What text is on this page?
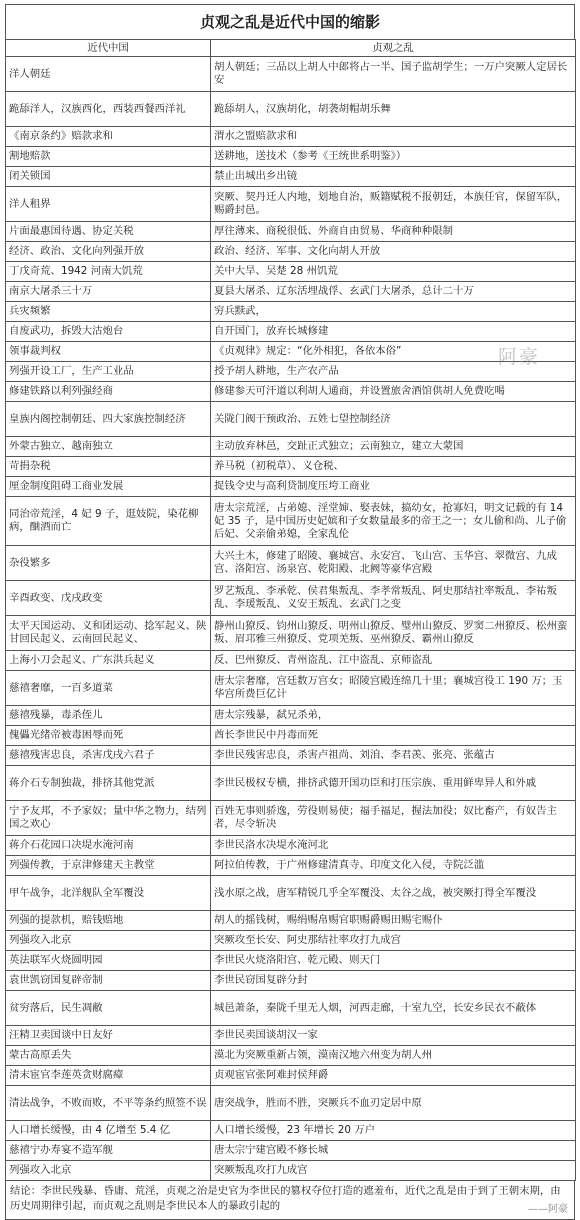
贞观之乱是近代中国的缩影
近代中国	贞观之乱
洋人朝廷	胡人朝廷；三品以上胡人中郎将占一半、国子监胡学生；一万户突厥人定居长安
跪舔洋人，汉族西化，西装西餐西洋礼	跪舔胡人，汉族胡化，胡袭胡帽胡乐舞
《南京条约》赔款求和	渭水之盟赔款求和
割地赔款	送耕地，送技术（参考《王统世系明鉴》）
闭关锁国	禁止出城出乡出镜
洋人租界	突厥、契丹迁人内地，划地自治，贩籍赋税不报朝廷，本族任官，保留军队，赐爵封邑。
片面最惠国待遇、协定关税	厚往薄来、商税很低、外商自由贸易、华商种种限制
经济、政治、文化向列强开放	政治、经济、军事、文化向胡人开放
丁戊奇荒、1942 河南大饥荒	关中大旱、吴楚 28 州饥荒
南京大屠杀三十万	夏县大屠杀、辽东活埋战俘、玄武门大屠杀，总计二十万
兵灾频繁	穷兵黩武，
自废武功，拆毁大沽炮台	自开国门，放弃长城修建
领事裁判权	《贞观律》规定：“化外相犯，各依本俗”
列强开设工厂，生产工业品	授予胡人耕地，生产农产品
修建铁路以利列强经商	修建参天可汗道以利胡人通商，并设置旅舍酒馆供胡人免费吃喝
皇族内阁控制朝廷、四大家族控制经济	关陇门阀干预政治、五姓七望控制经济
外蒙古独立、越南独立	主动放弃林邑，交趾正式独立；云南独立，建立大蒙国
苛捐杂税	养马税（初税草）、义仓税、
厘金制度阻碍工商业发展	捉钱令史与高利贷制度压垮工商业
同治帝荒淫，4 妃 9 子，逛妓院，染花柳病，酗酒而亡	唐太宗荒淫，占弟媳、淫堂婶、娶表妹，搞幼女，抢寡妇，明文记载的有 14 妃 35 子，是中国历史妃嫔和子女数量最多的帝王之一；女儿偷和尚、儿子偷后妃、父亲偷弟媳，全家乱伦
杂役繁多	大兴土木，修建了昭陵、襄城宫、永安宫、飞山宫、玉华宫、翠微宫、九成宫、洛阳宫、汤泉宫、乾阳殿、北阙等豪华宫殿
辛酉政变、戊戌政变	罗艺叛乱、李承乾、侯君集叛乱、李孝常叛乱、阿史那结社率叛乱、李祐叛乱、李瑗叛乱、义安王叛乱、玄武门之变
太平天国运动、义和团运动、捻军起义、陕甘回民起义、云南回民起义、	静州山獠反、钧州山獠反、明州山獠反、璧州山獠反、罗窦二州獠反、松州蛮叛、眉邛雅三州獠反、党项羌叛、巫州獠反、霸州山獠反
上海小刀会起义、广东洪兵起义	反、巴州獠反、青州盗乱、江中盗乱、京师盗乱
慈禧奢靡，一百多道菜	唐太宗奢靡，宫廷数万宫女；昭陵宫殿连绵几十里；襄城宫役工 190 万；玉华宫所费巨亿计
慈禧残暴，毒杀侄儿	唐太宗残暴，弑兄杀弟，
傀儡光绪帝被毒困辱而死	酋长李世民中丹毒而死
慈禧残害忠良，杀害戊戌六君子	李世民残害忠良，杀害卢祖尚、刘洎、李君羡、张亮、张蕴古
蒋介石专制独裁，排挤其他党派	李世民极权专横，排挤武德开国功臣和打压宗族、重用鲜卑异人和外戚
宁予友邦，不予家奴；量中华之物力，结列国之欢心	百姓无事则骄逸，劳役则易使；福手福足，握法加役；奴比畜产，有奴告主者，尽令斩决
蒋介石花园口决堤水淹河南	李世民洛水决堤水淹河北
列强传教，于京津修建天主教堂	阿拉伯传教，于广州修建清真寺、印度文化入侵，寺院泛滥
甲午战争，北洋舰队全军覆没	浅水原之战，唐军精锐几乎全军覆没、太谷之战，被突厥打得全军覆没
列强的提款机，赔钱赔地	胡人的摇钱树，赐绢赐帛赐官职赐爵赐田赐宅赐仆
列强攻入北京	突厥攻至长安、阿史那结社率攻打九成宫
英法联军火烧圆明园	李世民火烧洛阳宫、乾元殿、则天门
袁世凯窃国复辟帝制	李世民窃国复辟分封
贫穷落后，民生凋敝	城邑萧条，秦陇千里无人烟，河西走廊，十室九空，长安乡民衣不蔽体
汪精卫卖国谈中日友好	李世民卖国谈胡汉一家
蒙古高原丢失	漠北为突厥重新占领，漠南汉地六州变为胡人州
清末宦官李莲英贪财腐瘴	贞观宦官张阿难封侯拜爵
清法战争，不败而败，不平等条约照签不误	唐突战争，胜而不胜，突厥兵不血刃定居中原
人口增长缓慢，由 4 亿增至 5.4 亿	人口增长缓慢，23 年增长 20 万户
慈禧宁办寿宴不造军舰	唐太宗宁建宫殿不修长城
列强攻入北京	突厥叛乱攻打九成宫
结论：李世民残暴、昏庸、荒淫，贞观之治是史官为李世民的篡权夺位打造的遮羞布，近代之乱是由于到了王朝末期，由历史周期律引起，而贞观之乱则是李世民本人的暴政引起的	——阿豪
阿豪
